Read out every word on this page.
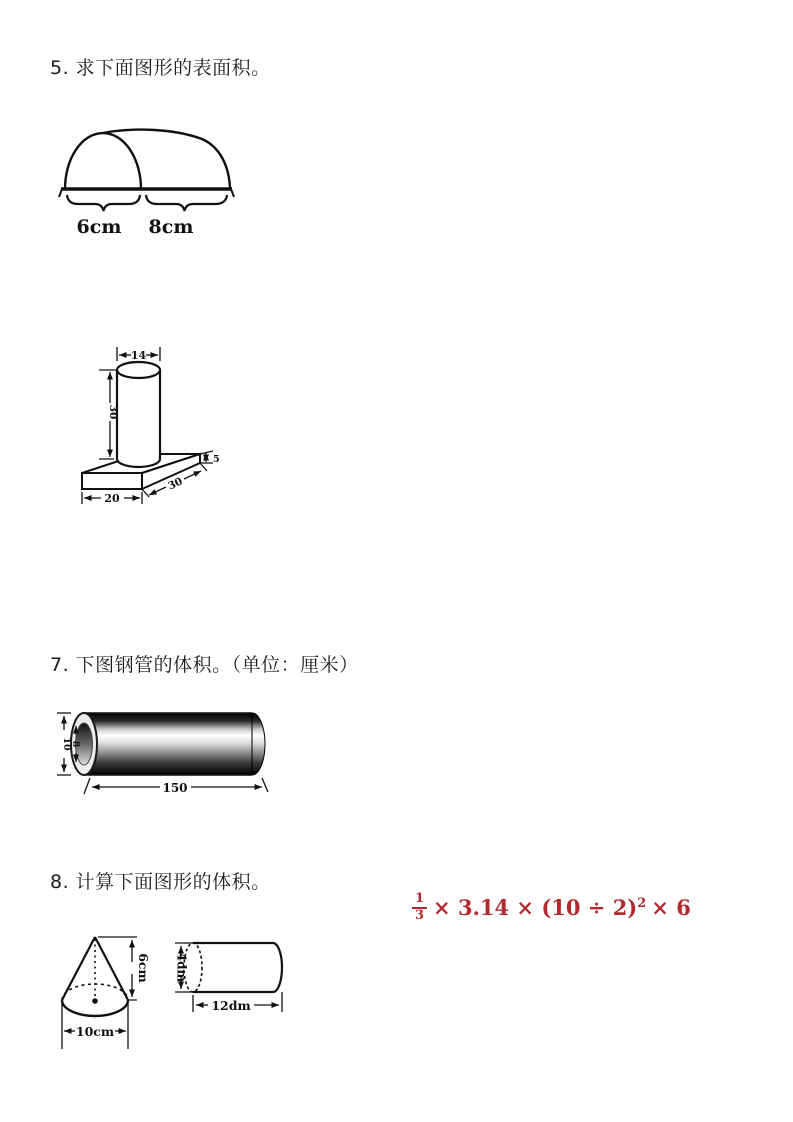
5. 求下面图形的表面积。
6cm 8cm
14
30
5
30
20
7. 下图钢管的体积。（单位：厘米）
10
8
150
8. 计算下面图形的体积。
$\frac{1}{3} \times 3.14 \times (10 \div 2)^2 \times 6$
6cm
10cm
4dm
12dm
